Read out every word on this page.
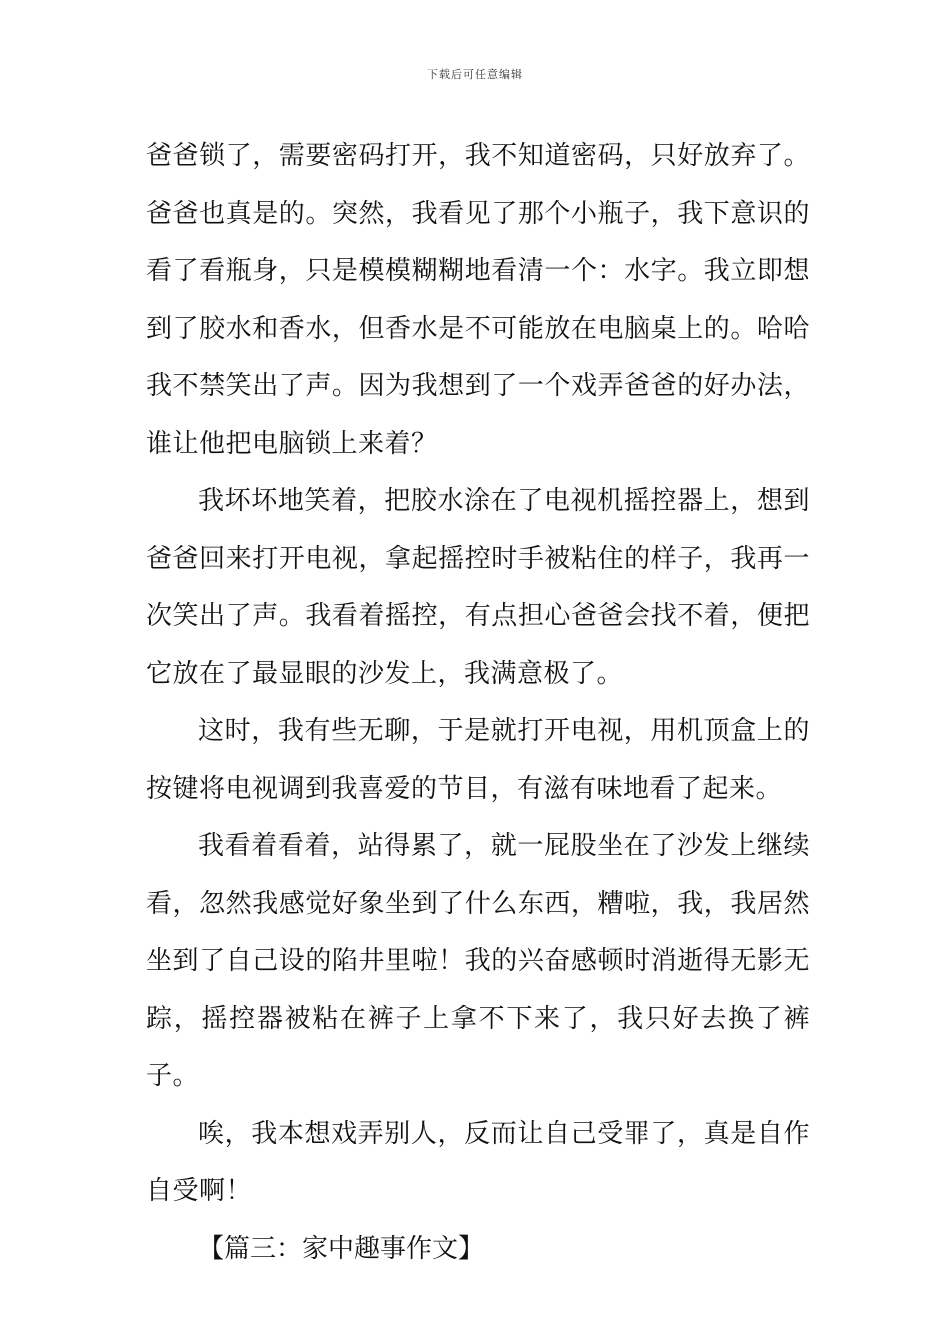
下载后可任意编辑

爸爸锁了，需要密码打开，我不知道密码，只好放弃了。爸爸也真是的。突然，我看见了那个小瓶子，我下意识的看了看瓶身，只是模模糊糊地看清一个：水字。我立即想到了胶水和香水，但香水是不可能放在电脑桌上的。哈哈我不禁笑出了声。因为我想到了一个戏弄爸爸的好办法，谁让他把电脑锁上来着？

我坏坏地笑着，把胶水涂在了电视机摇控器上，想到爸爸回来打开电视，拿起摇控时手被粘住的样子，我再一次笑出了声。我看着摇控，有点担心爸爸会找不着，便把它放在了最显眼的沙发上，我满意极了。

这时，我有些无聊，于是就打开电视，用机顶盒上的按键将电视调到我喜爱的节目，有滋有味地看了起来。

我看着看着，站得累了，就一屁股坐在了沙发上继续看，忽然我感觉好象坐到了什么东西，糟啦，我，我居然坐到了自己设的陷井里啦！我的兴奋感顿时消逝得无影无踪，摇控器被粘在裤子上拿不下来了，我只好去换了裤子。

唉，我本想戏弄别人，反而让自己受罪了，真是自作自受啊！

【篇三：家中趣事作文】
